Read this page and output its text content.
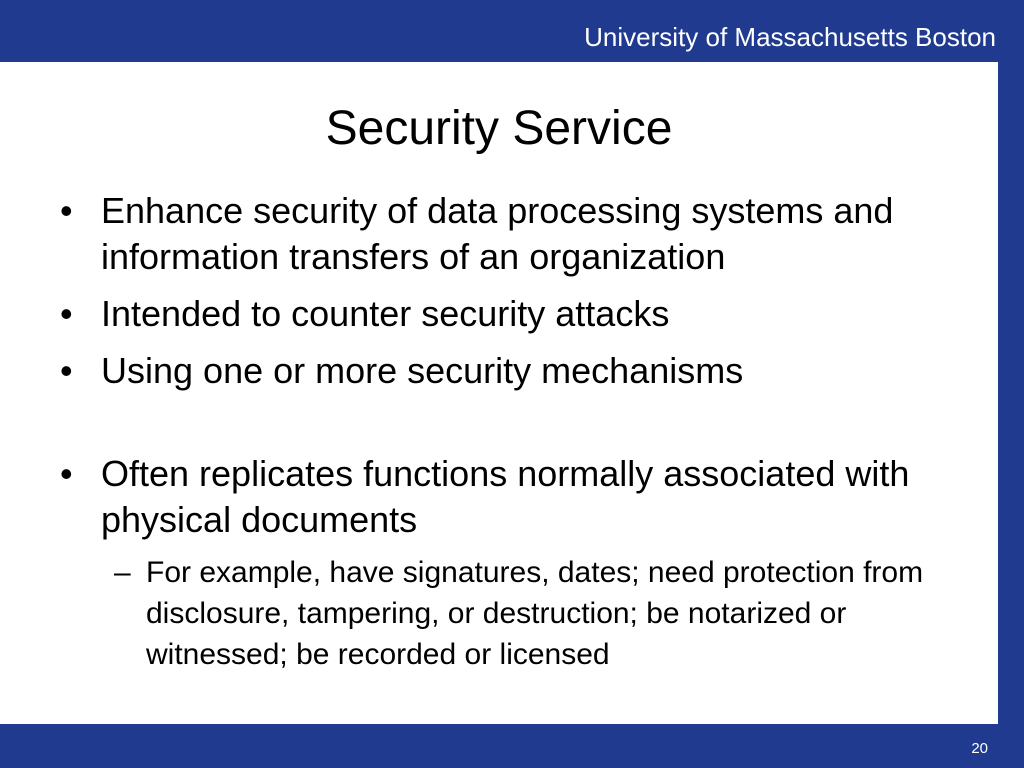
University of Massachusetts Boston
Security Service
• Enhance security of data processing systems and information transfers of an organization
• Intended to counter security attacks
• Using one or more security mechanisms
• Often replicates functions normally associated with physical documents
– For example, have signatures, dates; need protection from disclosure, tampering, or destruction; be notarized or witnessed; be recorded or licensed
20
